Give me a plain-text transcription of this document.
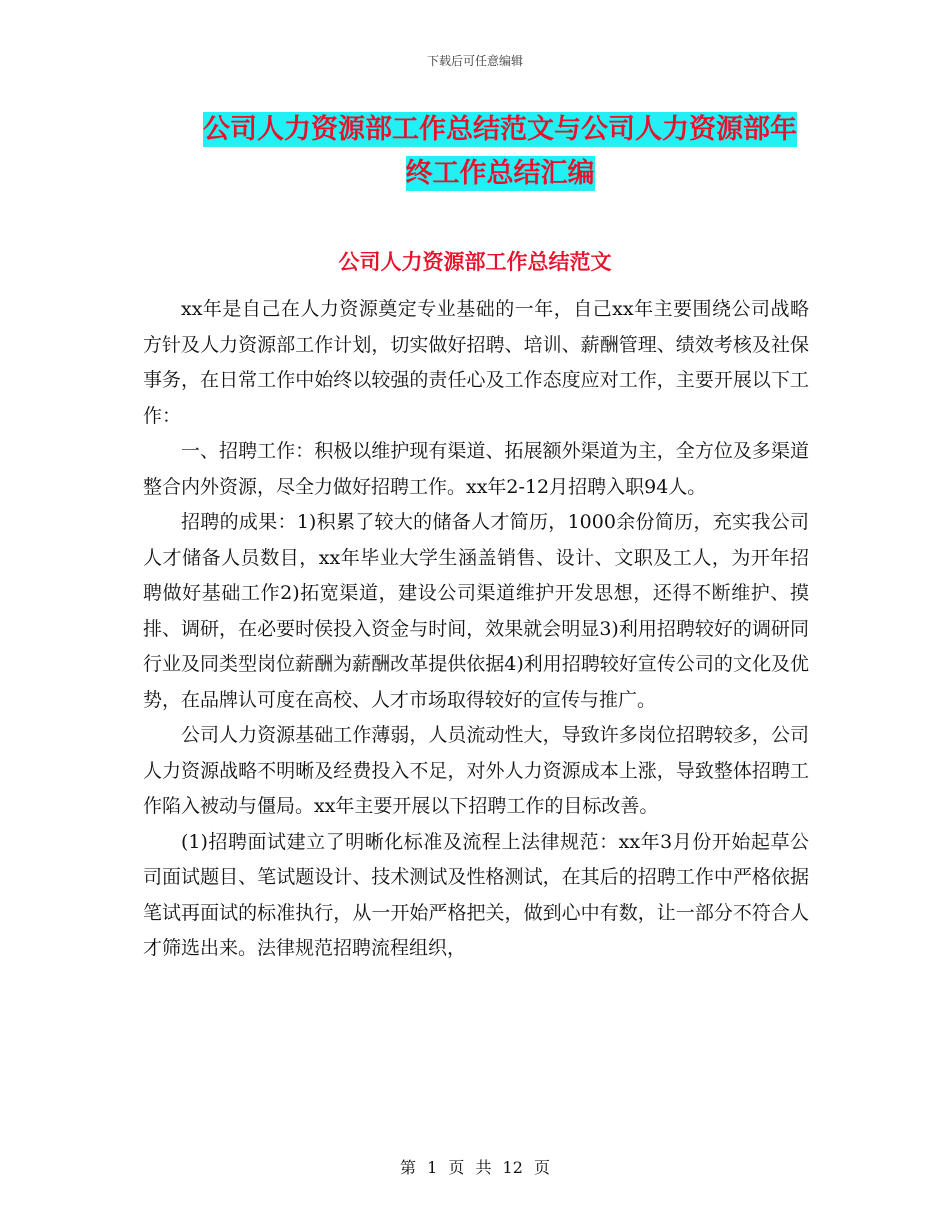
下载后可任意编辑
公司人力资源部工作总结范文与公司人力资源部年终工作总结汇编
公司人力资源部工作总结范文

xx年是自己在人力资源奠定专业基础的一年，自己xx年主要围绕公司战略方针及人力资源部工作计划，切实做好招聘、培训、薪酬管理、绩效考核及社保事务，在日常工作中始终以较强的责任心及工作态度应对工作，主要开展以下工作：

一、招聘工作：积极以维护现有渠道、拓展额外渠道为主，全方位及多渠道整合内外资源，尽全力做好招聘工作。xx年2-12月招聘入职94人。

招聘的成果：1)积累了较大的储备人才简历，1000余份简历，充实我公司人才储备人员数目，xx年毕业大学生涵盖销售、设计、文职及工人，为开年招聘做好基础工作2)拓宽渠道，建设公司渠道维护开发思想，还得不断维护、摸排、调研，在必要时侯投入资金与时间，效果就会明显3)利用招聘较好的调研同行业及同类型岗位薪酬为薪酬改革提供依据4)利用招聘较好宣传公司的文化及优势，在品牌认可度在高校、人才市场取得较好的宣传与推广。

公司人力资源基础工作薄弱，人员流动性大，导致许多岗位招聘较多，公司人力资源战略不明晰及经费投入不足，对外人力资源成本上涨，导致整体招聘工作陷入被动与僵局。xx年主要开展以下招聘工作的目标改善。

(1)招聘面试建立了明晰化标准及流程上法律规范：xx年3月份开始起草公司面试题目、笔试题设计、技术测试及性格测试，在其后的招聘工作中严格依据笔试再面试的标准执行，从一开始严格把关，做到心中有数，让一部分不符合人才筛选出来。法律规范招聘流程组织，

第 1 页 共 12 页
